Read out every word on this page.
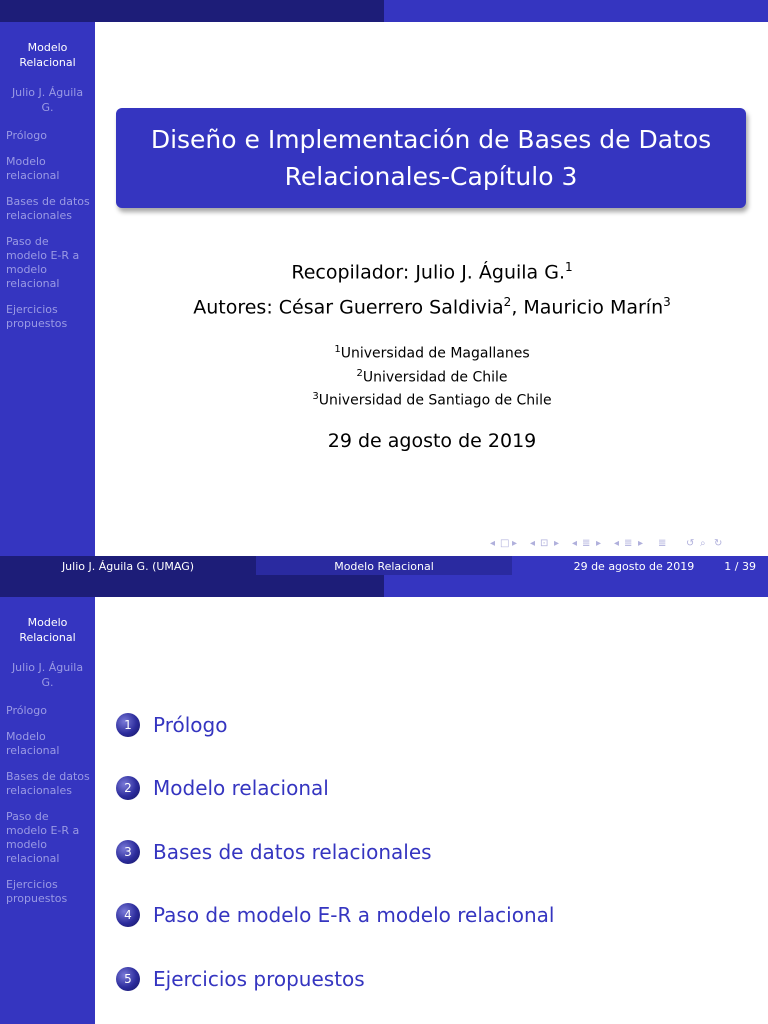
Modelo Relacional
Julio J. Águila G.
Prólogo
Modelo relacional
Bases de datos relacionales
Paso de modelo E-R a modelo relacional
Ejercicios propuestos
Diseño e Implementación de Bases de Datos Relacionales-Capítulo 3
Recopilador: Julio J. Águila G.$^1$
Autores: César Guerrero Saldivia$^2$, Mauricio Marín$^3$
$^1$Universidad de Magallanes
$^2$Universidad de Chile
$^3$Universidad de Santiago de Chile
29 de agosto de 2019
◂ □ ▸ ◂ ⊡ ▸ ◂ ≣ ▸ ◂ ≣ ▸ ≣ ↺ ⌕ ↻
Julio J. Águila G. (UMAG)	Modelo Relacional	29 de agosto de 2019	1 / 39
Modelo Relacional
Julio J. Águila G.
Prólogo
Modelo relacional
Bases de datos relacionales
Paso de modelo E-R a modelo relacional
Ejercicios propuestos
1	Prólogo
2	Modelo relacional
3	Bases de datos relacionales
4	Paso de modelo E-R a modelo relacional
5	Ejercicios propuestos
